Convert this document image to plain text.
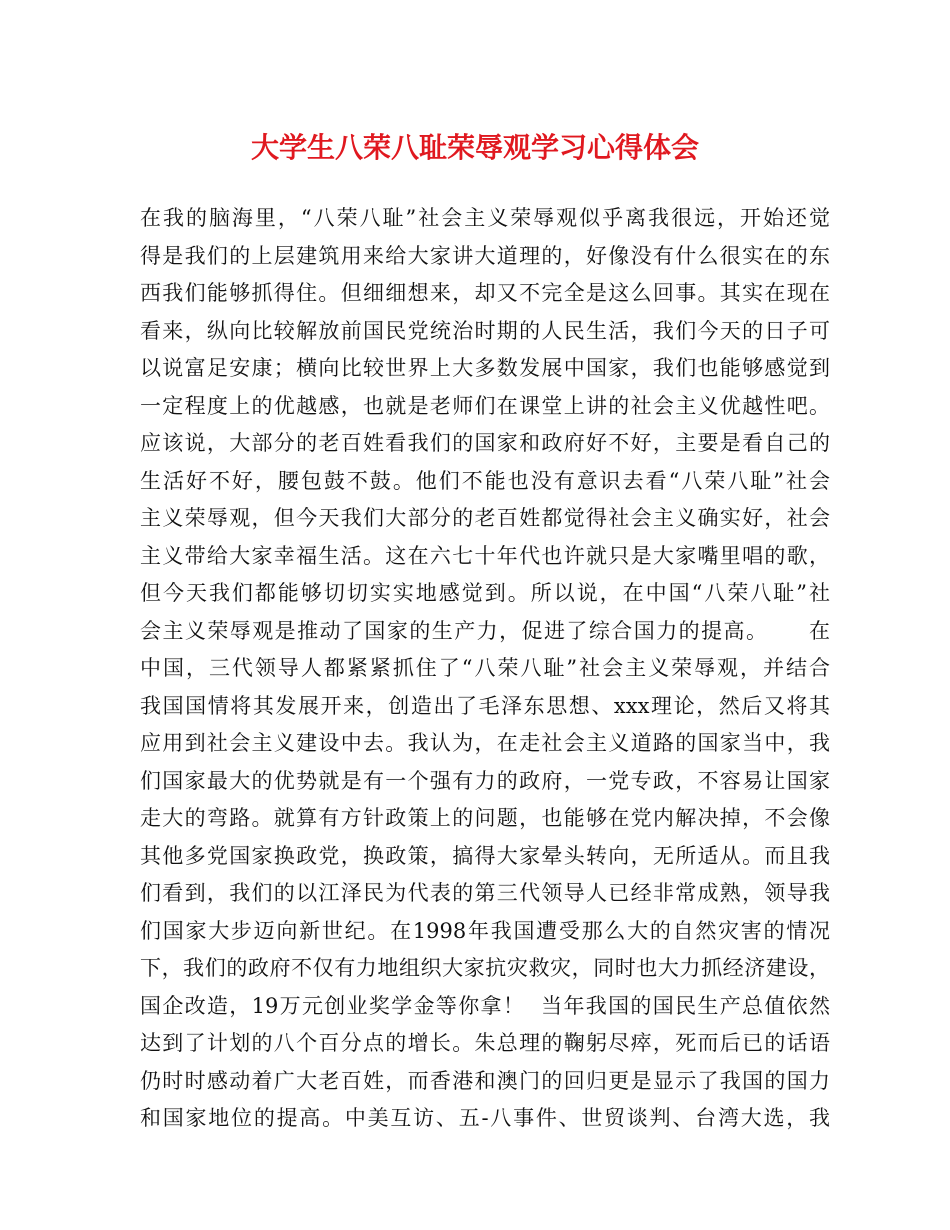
大学生八荣八耻荣辱观学习心得体会
在我的脑海里，“八荣八耻”社会主义荣辱观似乎离我很远，开始还觉
得是我们的上层建筑用来给大家讲大道理的，好像没有什么很实在的东
西我们能够抓得住。但细细想来，却又不完全是这么回事。其实在现在
看来，纵向比较解放前国民党统治时期的人民生活，我们今天的日子可
以说富足安康；横向比较世界上大多数发展中国家，我们也能够感觉到
一定程度上的优越感，也就是老师们在课堂上讲的社会主义优越性吧。
应该说，大部分的老百姓看我们的国家和政府好不好，主要是看自己的
生活好不好，腰包鼓不鼓。他们不能也没有意识去看“八荣八耻”社会
主义荣辱观，但今天我们大部分的老百姓都觉得社会主义确实好，社会
主义带给大家幸福生活。这在六七十年代也许就只是大家嘴里唱的歌，
但今天我们都能够切切实实地感觉到。所以说，在中国“八荣八耻”社
会主义荣辱观是推动了国家的生产力，促进了综合国力的提高。     在
中国，三代领导人都紧紧抓住了“八荣八耻”社会主义荣辱观，并结合
我国国情将其发展开来，创造出了毛泽东思想、xxx理论，然后又将其
应用到社会主义建设中去。我认为，在走社会主义道路的国家当中，我
们国家最大的优势就是有一个强有力的政府，一党专政，不容易让国家
走大的弯路。就算有方针政策上的问题，也能够在党内解决掉，不会像
其他多党国家换政党，换政策，搞得大家晕头转向，无所适从。而且我
们看到，我们的以江泽民为代表的第三代领导人已经非常成熟，领导我
们国家大步迈向新世纪。在1998年我国遭受那么大的自然灾害的情况
下，我们的政府不仅有力地组织大家抗灾救灾，同时也大力抓经济建设，
国企改造，19万元创业奖学金等你拿！  当年我国的国民生产总值依然
达到了计划的八个百分点的增长。朱总理的鞠躬尽瘁，死而后已的话语
仍时时感动着广大老百姓，而香港和澳门的回归更是显示了我国的国力
和国家地位的提高。中美互访、五-八事件、世贸谈判、台湾大选，我
